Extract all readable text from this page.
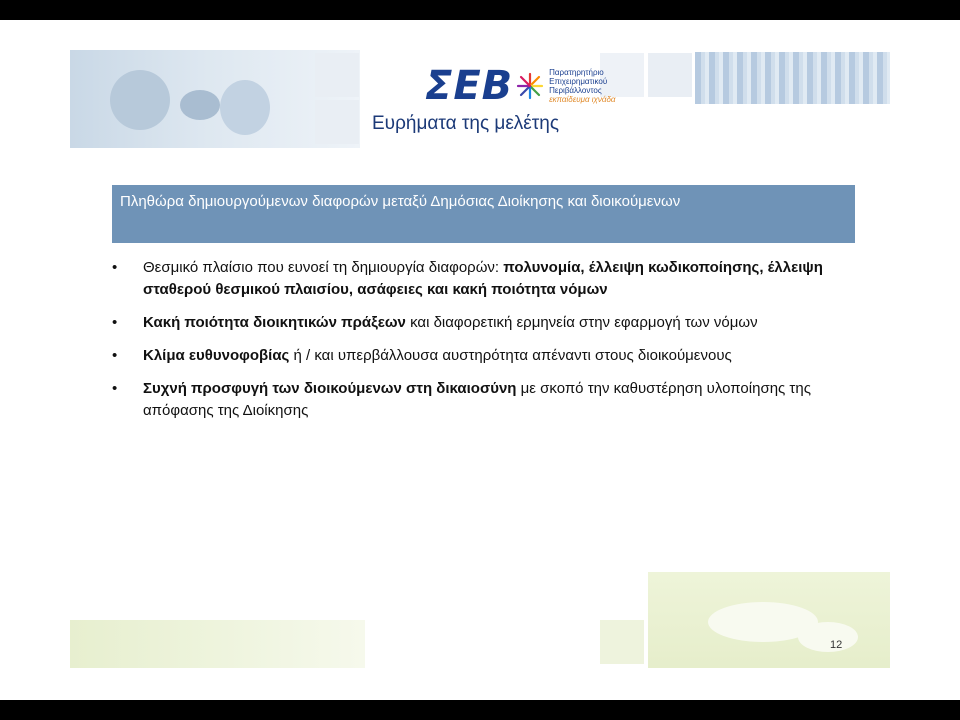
ΣΕΒ	Παρατηρητήριο
Επιχειρηματικού
Περιβάλλοντος
εκπαίδευμα ιχνάδα
Ευρήματα της μελέτης
Πληθώρα δημιουργούμενων διαφορών μεταξύ Δημόσιας Διοίκησης και διοικούμενων
• Θεσμικό πλαίσιο που ευνοεί τη δημιουργία διαφορών: πολυνομία, έλλειψη κωδικοποίησης, έλλειψη σταθερού θεσμικού πλαισίου, ασάφειες και κακή ποιότητα νόμων
• Κακή ποιότητα διοικητικών πράξεων και διαφορετική ερμηνεία στην εφαρμογή των νόμων
• Κλίμα ευθυνοφοβίας ή / και υπερβάλλουσα αυστηρότητα απέναντι στους διοικούμενους
• Συχνή προσφυγή των διοικούμενων στη δικαιοσύνη με σκοπό την καθυστέρηση υλοποίησης της απόφασης της Διοίκησης
12
